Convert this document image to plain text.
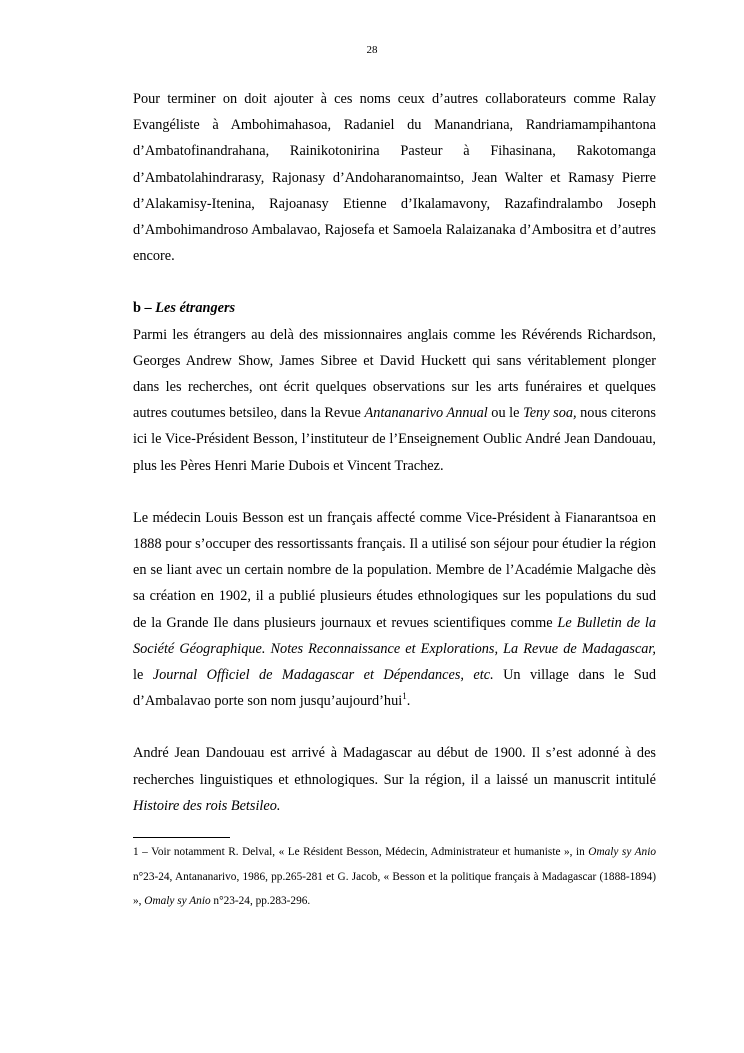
28

Pour terminer on doit ajouter à ces noms ceux d’autres collaborateurs comme Ralay Evangéliste à Ambohimahasoa, Radaniel du Manandriana, Randriamampihantona d’Ambatofinandrahana, Rainikotonirina Pasteur à Fihasinana, Rakotomanga d’Ambatolahindrarasy, Rajonasy d’Andoharanomaintso, Jean Walter et Ramasy Pierre d’Alakamisy-Itenina, Rajoanasy Etienne d’Ikalamavony, Razafindralambo Joseph d’Ambohimandroso Ambalavao, Rajosefa et Samoela Ralaizanaka d’Ambositra et d’autres encore.

b – Les étrangers

Parmi les étrangers au delà des missionnaires anglais comme les Révérends Richardson, Georges Andrew Show, James Sibree et David Huckett qui sans véritablement plonger dans les recherches, ont écrit quelques observations sur les arts funéraires et quelques autres coutumes betsileo, dans la Revue Antananarivo Annual ou le Teny soa, nous citerons ici le Vice-Président Besson, l’instituteur de l’Enseignement Oublic André Jean Dandouau, plus les Pères Henri Marie Dubois et Vincent Trachez.

Le médecin Louis Besson est un français affecté comme Vice-Président à Fianarantsoa en 1888 pour s’occuper des ressortissants français. Il a utilisé son séjour pour étudier la région en se liant avec un certain nombre de la population. Membre de l’Académie Malgache dès sa création en 1902, il a publié plusieurs études ethnologiques sur les populations du sud de la Grande Ile dans plusieurs journaux et revues scientifiques comme Le Bulletin de la Société Géographique. Notes Reconnaissance et Explorations, La Revue de Madagascar, le Journal Officiel de Madagascar et Dépendances, etc. Un village dans le Sud d’Ambalavao porte son nom jusqu’aujourd’hui$^1$.

André Jean Dandouau est arrivé à Madagascar au début de 1900. Il s’est adonné à des recherches linguistiques et ethnologiques. Sur la région, il a laissé un manuscrit intitulé Histoire des rois Betsileo.

1 – Voir notamment R. Delval, « Le Résident Besson, Médecin, Administrateur et humaniste », in Omaly sy Anio n°23-24, Antananarivo, 1986, pp.265-281 et G. Jacob, « Besson et la politique français à Madagascar (1888-1894) », Omaly sy Anio n°23-24, pp.283-296.
